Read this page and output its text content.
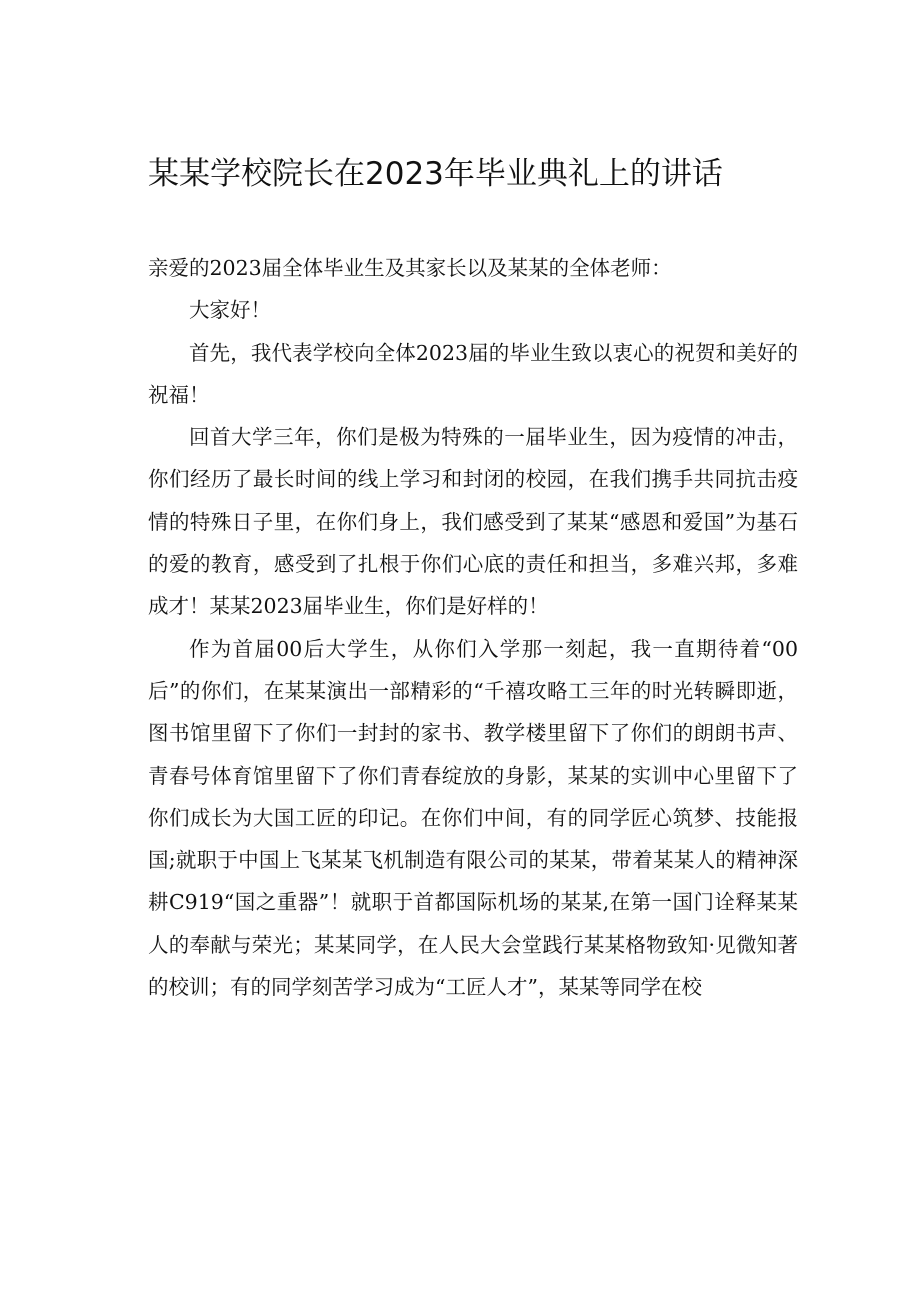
某某学校院长在2023年毕业典礼上的讲话

亲爱的2023届全体毕业生及其家长以及某某的全体老师：

大家好！

首先，我代表学校向全体2023届的毕业生致以衷心的祝贺和美好的祝福！

回首大学三年，你们是极为特殊的一届毕业生，因为疫情的冲击，你们经历了最长时间的线上学习和封闭的校园，在我们携手共同抗击疫情的特殊日子里，在你们身上，我们感受到了某某“感恩和爱国”为基石的爱的教育，感受到了扎根于你们心底的责任和担当，多难兴邦，多难成才！某某2023届毕业生，你们是好样的！

作为首届00后大学生，从你们入学那一刻起，我一直期待着“00后”的你们，在某某演出一部精彩的“千禧攻略工三年的时光转瞬即逝，图书馆里留下了你们一封封的家书、教学楼里留下了你们的朗朗书声、青春号体育馆里留下了你们青春绽放的身影，某某的实训中心里留下了你们成长为大国工匠的印记。在你们中间，有的同学匠心筑梦、技能报国;就职于中国上飞某某飞机制造有限公司的某某，带着某某人的精神深耕C919“国之重器”！就职于首都国际机场的某某,在第一国门诠释某某人的奉献与荣光；某某同学，在人民大会堂践行某某格物致知·见微知著的校训；有的同学刻苦学习成为“工匠人才”，某某等同学在校
